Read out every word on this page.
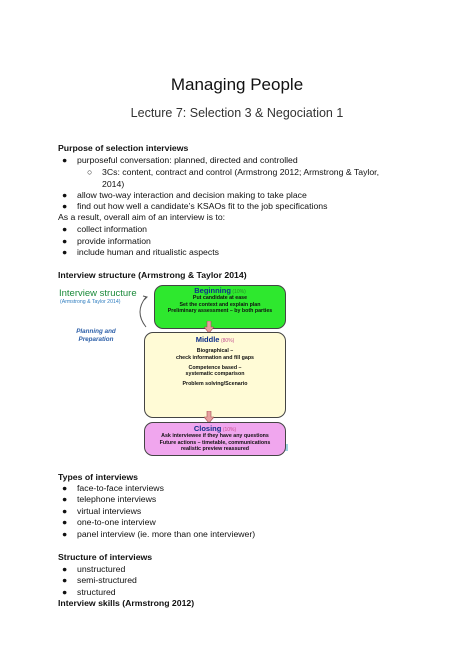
Managing People
Lecture 7: Selection 3 & Negociation 1
Purpose of selection interviews
● purposeful conversation: planned, directed and controlled
○ 3Cs: content, contract and control (Armstrong 2012; Armstrong & Taylor,
2014)
● allow two-way interaction and decision making to take place
● find out how well a candidate’s KSAOs fit to the job specifications
As a result, overall aim of an interview is to:
● collect information
● provide information
● include human and ritualistic aspects
Interview structure (Armstrong & Taylor 2014)
Interview structure
(Armstrong & Taylor 2014)
Planning and Preparation
Beginning (10%)
Put candidate at ease
Set the context and explain plan
Preliminary assessment – by both parties
Middle (80%)
Biographical –
check information and fill gaps
Competence based –
systematic comparison
Problem solving/Scenario
Closing (10%)
Ask interviewee if they have any questions
Future actions – timetable, communications
realistic preview reassured
Types of interviews
● face-to-face interviews
● telephone interviews
● virtual interviews
● one-to-one interview
● panel interview (ie. more than one interviewer)
Structure of interviews
● unstructured
● semi-structured
● structured
Interview skills (Armstrong 2012)
